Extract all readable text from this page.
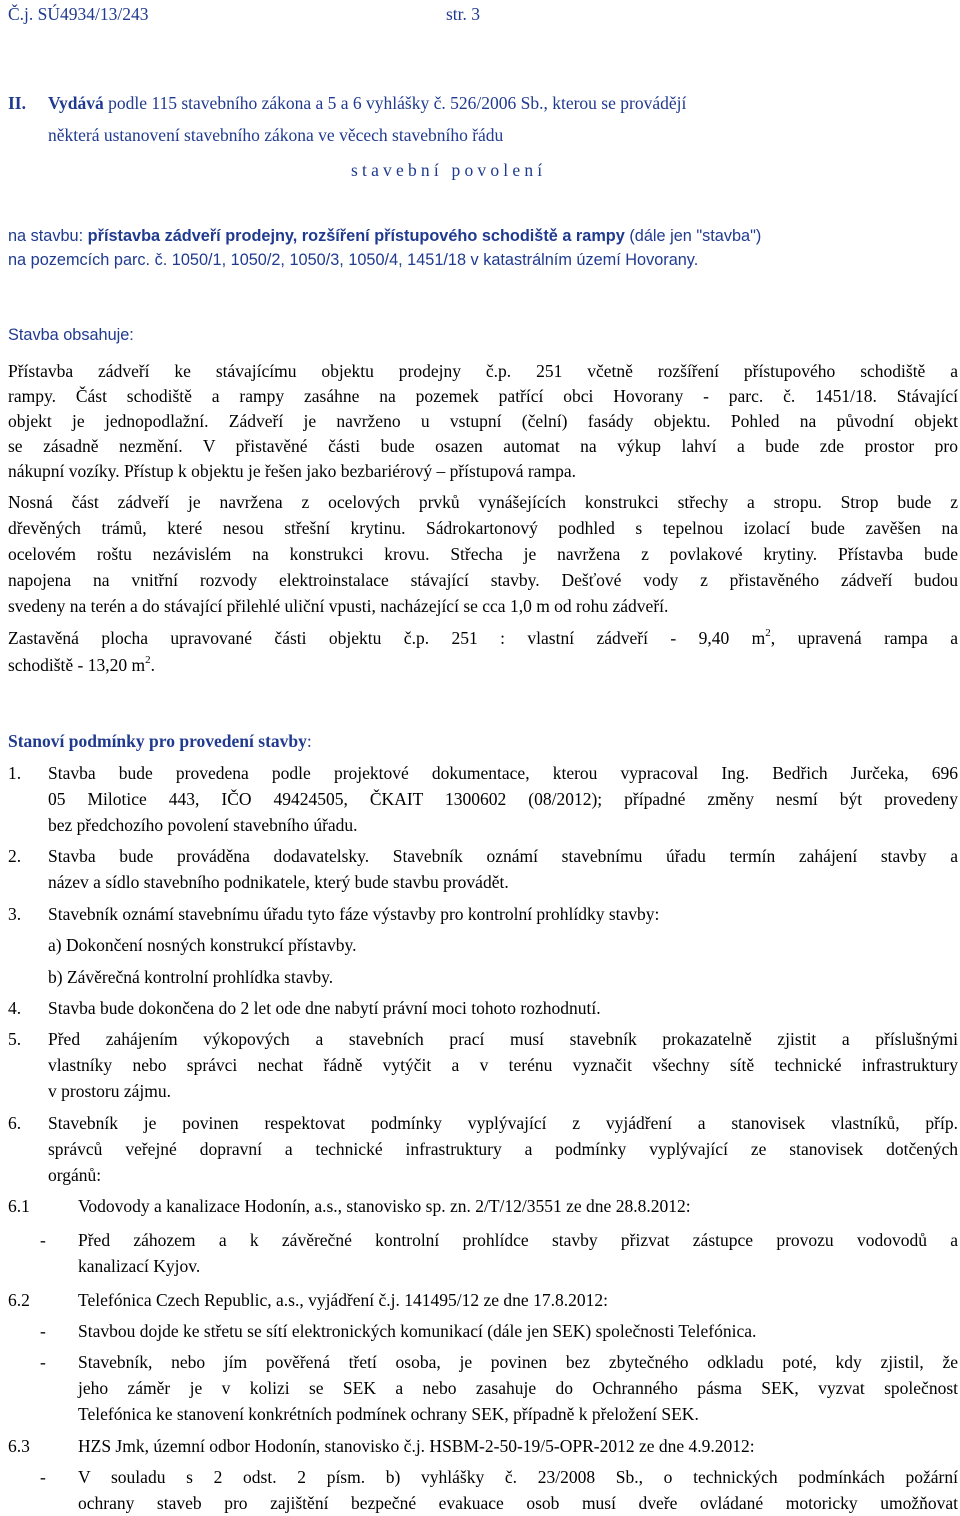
Č.j. SÚ4934/13/243	str. 3
II. Vydává podle 115 stavebního zákona a 5 a 6 vyhlášky č. 526/2006 Sb., kterou se provádějí
některá ustanovení stavebního zákona ve věcech stavebního řádu
stavební povolení
na stavbu: přístavba zádveří prodejny, rozšíření přístupového schodiště a rampy (dále jen "stavba")
na pozemcích parc. č. 1050/1, 1050/2, 1050/3, 1050/4, 1451/18 v katastrálním území Hovorany.
Stavba obsahuje:
Přístavba zádveří ke stávajícímu objektu prodejny č.p. 251 včetně rozšíření přístupového schodiště a
rampy. Část schodiště a rampy zasáhne na pozemek patřící obci Hovorany - parc. č. 1451/18. Stávající
objekt je jednopodlažní. Zádveří je navrženo u vstupní (čelní) fasády objektu. Pohled na původní objekt
se zásadně nezmění. V přistavěné části bude osazen automat na výkup lahví a bude zde prostor pro
nákupní vozíky. Přístup k objektu je řešen jako bezbariérový – přístupová rampa.
Nosná část zádveří je navržena z ocelových prvků vynášejících konstrukci střechy a stropu. Strop bude z
dřevěných trámů, které nesou střešní krytinu. Sádrokartonový podhled s tepelnou izolací bude zavěšen na
ocelovém roštu nezávislém na konstrukci krovu. Střecha je navržena z povlakové krytiny. Přístavba bude
napojena na vnitřní rozvody elektroinstalace stávající stavby. Dešťové vody z přistavěného zádveří budou
svedeny na terén a do stávající přilehlé uliční vpusti, nacházející se cca 1,0 m od rohu zádveří.
Zastavěná plocha upravované části objektu č.p. 251 : vlastní zádveří - 9,40 $m^2$, upravená rampa a
schodiště - 13,20 $m^2$.
Stanoví podmínky pro provedení stavby:
1. Stavba bude provedena podle projektové dokumentace, kterou vypracoval Ing. Bedřich Jurčeka, 696
05 Milotice 443, IČO 49424505, ČKAIT 1300602 (08/2012); případné změny nesmí být provedeny
bez předchozího povolení stavebního úřadu.
2. Stavba bude prováděna dodavatelsky. Stavebník oznámí stavebnímu úřadu termín zahájení stavby a
název a sídlo stavebního podnikatele, který bude stavbu provádět.
3. Stavebník oznámí stavebnímu úřadu tyto fáze výstavby pro kontrolní prohlídky stavby:
a) Dokončení nosných konstrukcí přístavby.
b) Závěrečná kontrolní prohlídka stavby.
4. Stavba bude dokončena do 2 let ode dne nabytí právní moci tohoto rozhodnutí.
5. Před zahájením výkopových a stavebních prací musí stavebník prokazatelně zjistit a příslušnými
vlastníky nebo správci nechat řádně vytýčit a v terénu vyznačit všechny sítě technické infrastruktury
v prostoru zájmu.
6. Stavebník je povinen respektovat podmínky vyplývající z vyjádření a stanovisek vlastníků, příp.
správců veřejné dopravní a technické infrastruktury a podmínky vyplývající ze stanovisek dotčených
orgánů:
6.1	Vodovody a kanalizace Hodonín, a.s., stanovisko sp. zn. 2/T/12/3551 ze dne 28.8.2012:
- Před záhozem a k závěrečné kontrolní prohlídce stavby přizvat zástupce provozu vodovodů a
kanalizací Kyjov.
6.2	Telefónica Czech Republic, a.s., vyjádření č.j. 141495/12 ze dne 17.8.2012:
- Stavbou dojde ke střetu se sítí elektronických komunikací (dále jen SEK) společnosti Telefónica.
- Stavebník, nebo jím pověřená třetí osoba, je povinen bez zbytečného odkladu poté, kdy zjistil, že
jeho záměr je v kolizi se SEK a nebo zasahuje do Ochranného pásma SEK, vyzvat společnost
Telefónica ke stanovení konkrétních podmínek ochrany SEK, případně k přeložení SEK.
6.3	HZS Jmk, územní odbor Hodonín, stanovisko č.j. HSBM-2-50-19/5-OPR-2012 ze dne 4.9.2012:
- V souladu s 2 odst. 2 písm. b) vyhlášky č. 23/2008 Sb., o technických podmínkách požární
ochrany staveb pro zajištění bezpečné evakuace osob musí dveře ovládané motoricky umožňovat
